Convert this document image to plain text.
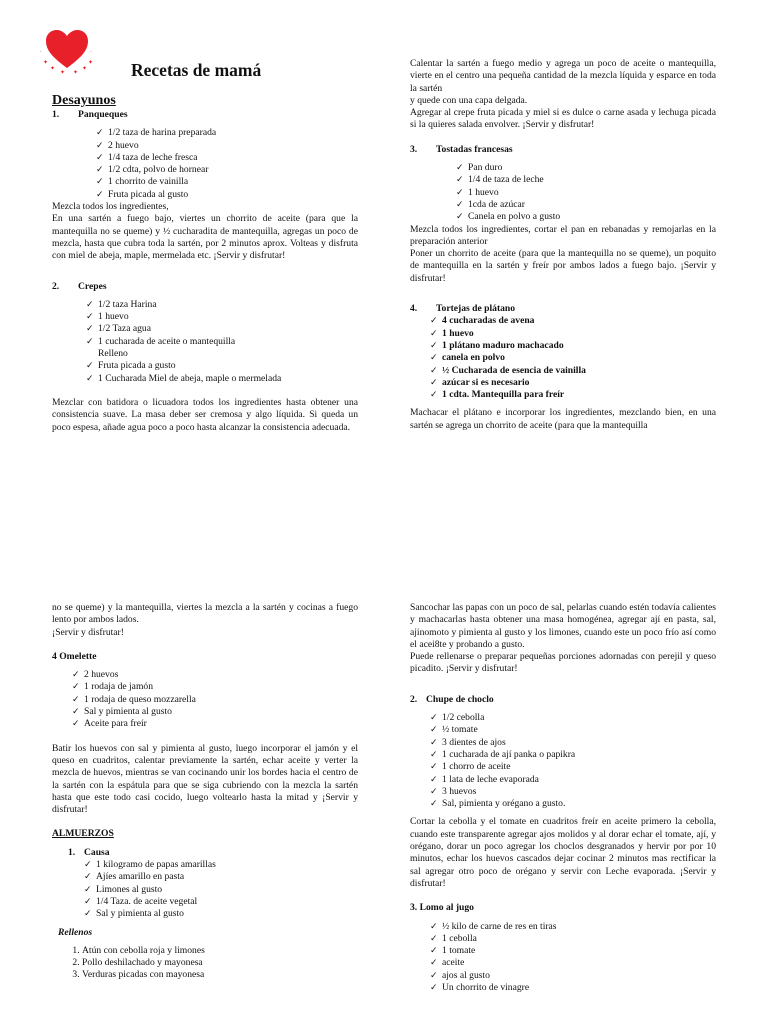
✦
✦
✦ ✦
✦
✦
·	·
Recetas de mamá

Desayunos

1. Panqueques

✓ 1/2 taza de harina preparada
✓ 2 huevo
✓ 1/4 taza de leche fresca
✓ 1/2 cdta, polvo de hornear
✓ 1 chorrito de vainilla
✓ Fruta picada al gusto

Mezcla todos los ingredientes,

En una sartén a fuego bajo, viertes un chorrito de aceite (para que la mantequilla no se queme) y ½ cucharadita de mantequilla, agregas un poco de mezcla, hasta que cubra toda la sartén, por 2 minutos aprox. Volteas y disfruta con miel de abeja, maple, mermelada etc. ¡Servir y disfrutar!

2. Crepes

✓ 1/2 taza Harina
✓ 1 huevo
✓ 1/2 Taza agua
✓ 1 cucharada de aceite o mantequilla
Relleno
✓ Fruta picada a gusto
✓ 1 Cucharada Miel de abeja, maple o mermelada

Mezclar con batidora o licuadora todos los ingredientes hasta obtener una consistencia suave. La masa deber ser cremosa y algo líquida. Si queda un poco espesa, añade agua poco a poco hasta alcanzar la consistencia adecuada.

Calentar la sartén a fuego medio y agrega un poco de aceite o mantequilla, vierte en el centro una pequeña cantidad de la mezcla líquida y esparce en toda la sartén

y quede con una capa delgada.

Agregar al crepe fruta picada y miel si es dulce o carne asada y lechuga picada si la quieres salada envolver. ¡Servir y disfrutar!

3. Tostadas francesas

✓ Pan duro
✓ 1/4 de taza de leche
✓ 1 huevo
✓ 1cda de azúcar
✓ Canela en polvo a gusto

Mezcla todos los ingredientes, cortar el pan en rebanadas y remojarlas en la preparación anterior

Poner un chorrito de aceite (para que la mantequilla no se queme), un poquito de mantequilla en la sartén y freír por ambos lados a fuego bajo. ¡Servir y disfrutar!

4. Tortejas de plátano

✓ 4 cucharadas de avena
✓ 1 huevo
✓ 1 plátano maduro machacado
✓ canela en polvo
✓ ½ Cucharada de esencia de vainilla
✓ azúcar si es necesario
✓ 1 cdta. Mantequilla para freír

Machacar el plátano e incorporar los ingredientes, mezclando bien, en una sartén se agrega un chorrito de aceite (para que la mantequilla

no se queme) y la mantequilla, viertes la mezcla a la sartén y cocinas a fuego lento por ambos lados.

¡Servir y disfrutar!

4 Omelette

✓ 2 huevos
✓ 1 rodaja de jamón
✓ 1 rodaja de queso mozzarella
✓ Sal y pimienta al gusto
✓ Aceite para freír

Batir los huevos con sal y pimienta al gusto, luego incorporar el jamón y el queso en cuadritos, calentar previamente la sartén, echar aceite y verter la mezcla de huevos, mientras se van cocinando unir los bordes hacia el centro de la sartén con la espátula para que se siga cubriendo con la mezcla la sartén hasta que este todo casi cocido, luego voltearlo hasta la mitad y ¡Servir y disfrutar!

ALMUERZOS

1. Causa

✓ 1 kilogramo de papas amarillas
✓ Ajíes amarillo en pasta
✓ Limones al gusto
✓ 1/4 Taza. de aceite vegetal
✓ Sal y pimienta al gusto

Rellenos

1. Atún con cebolla roja y limones
2. Pollo deshilachado y mayonesa
3. Verduras picadas con mayonesa

Sancochar las papas con un poco de sal, pelarlas cuando estén todavía calientes y machacarlas hasta obtener una masa homogénea, agregar ají en pasta, sal, ajinomoto y pimienta al gusto y los limones, cuando este un poco frío así como el acei8te y probando a gusto.

Puede rellenarse o preparar pequeñas porciones adornadas con perejil y queso picadito. ¡Servir y disfrutar!

2. Chupe de choclo

✓ 1/2 cebolla
✓ ½ tomate
✓ 3 dientes de ajos
✓ 1 cucharada de ají panka o papikra
✓ 1 chorro de aceite
✓ 1 lata de leche evaporada
✓ 3 huevos
✓ Sal, pimienta y orégano a gusto.

Cortar la cebolla y el tomate en cuadritos freír en aceite primero la cebolla, cuando este transparente agregar ajos molidos y al dorar echar el tomate, ají, y orégano, dorar un poco agregar los choclos desgranados y hervir por por 10 minutos, echar los huevos cascados dejar cocinar 2 minutos mas rectificar la sal agregar otro poco de orégano y servir con Leche evaporada. ¡Servir y disfrutar!

3. Lomo al jugo

✓ ½ kilo de carne de res en tiras
✓ 1 cebolla
✓ 1 tomate
✓ aceite
✓ ajos al gusto
✓ Un chorrito de vinagre
